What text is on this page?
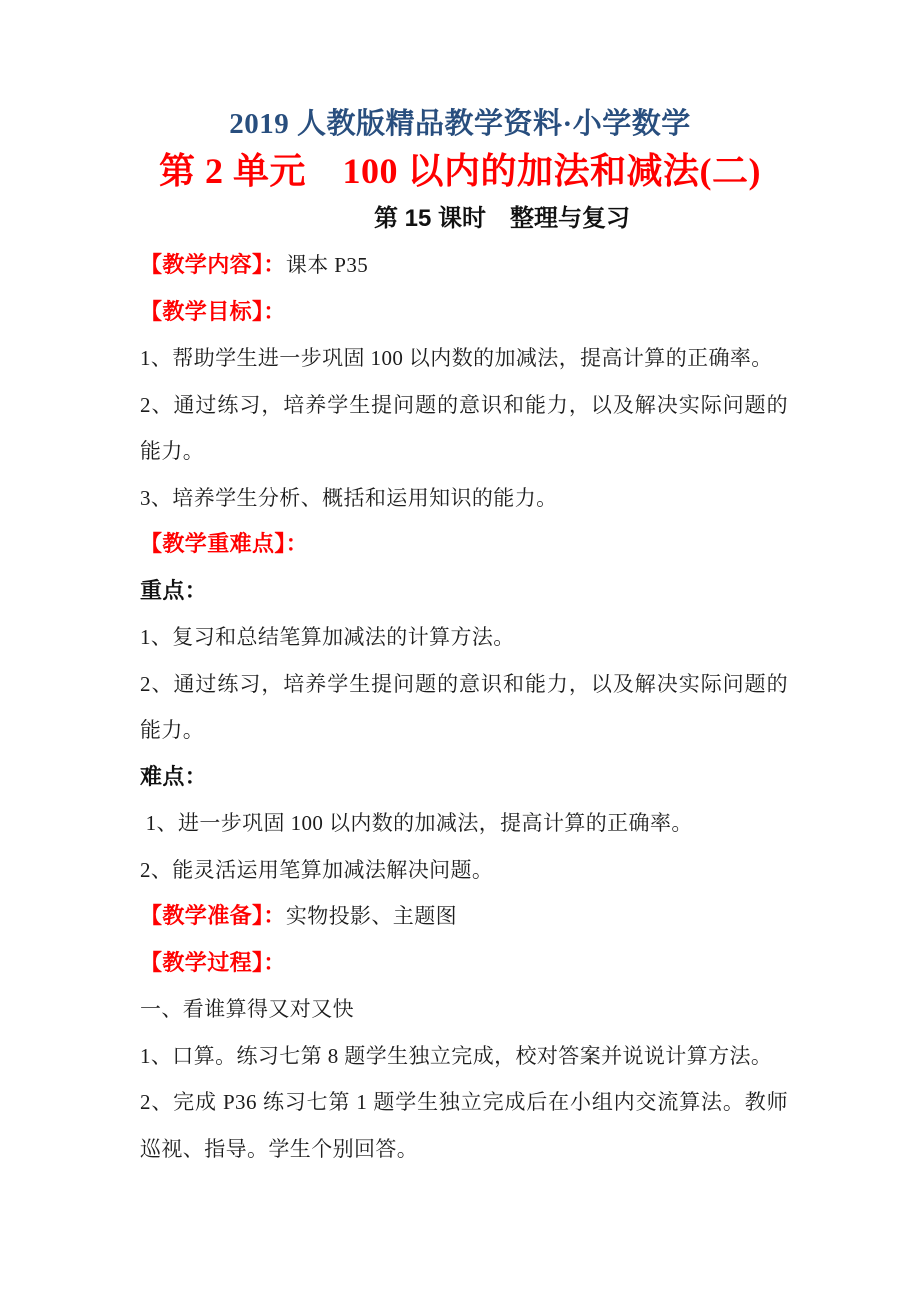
2019 人教版精品教学资料·小学数学
第 2 单元　100 以内的加法和减法(二)
第 15 课时　整理与复习

【教学内容】：课本 P35

【教学目标】：

1、帮助学生进一步巩固 100 以内数的加减法，提高计算的正确率。

2、通过练习，培养学生提问题的意识和能力，以及解决实际问题的

能力。

3、培养学生分析、概括和运用知识的能力。

【教学重难点】：

重点：

1、复习和总结笔算加减法的计算方法。

2、通过练习，培养学生提问题的意识和能力，以及解决实际问题的

能力。

难点：

1、进一步巩固 100 以内数的加减法，提高计算的正确率。

2、能灵活运用笔算加减法解决问题。

【教学准备】：实物投影、主题图

【教学过程】：

一、看谁算得又对又快

1、口算。练习七第 8 题学生独立完成，校对答案并说说计算方法。

2、完成 P36 练习七第 1 题学生独立完成后在小组内交流算法。教师

巡视、指导。学生个别回答。
